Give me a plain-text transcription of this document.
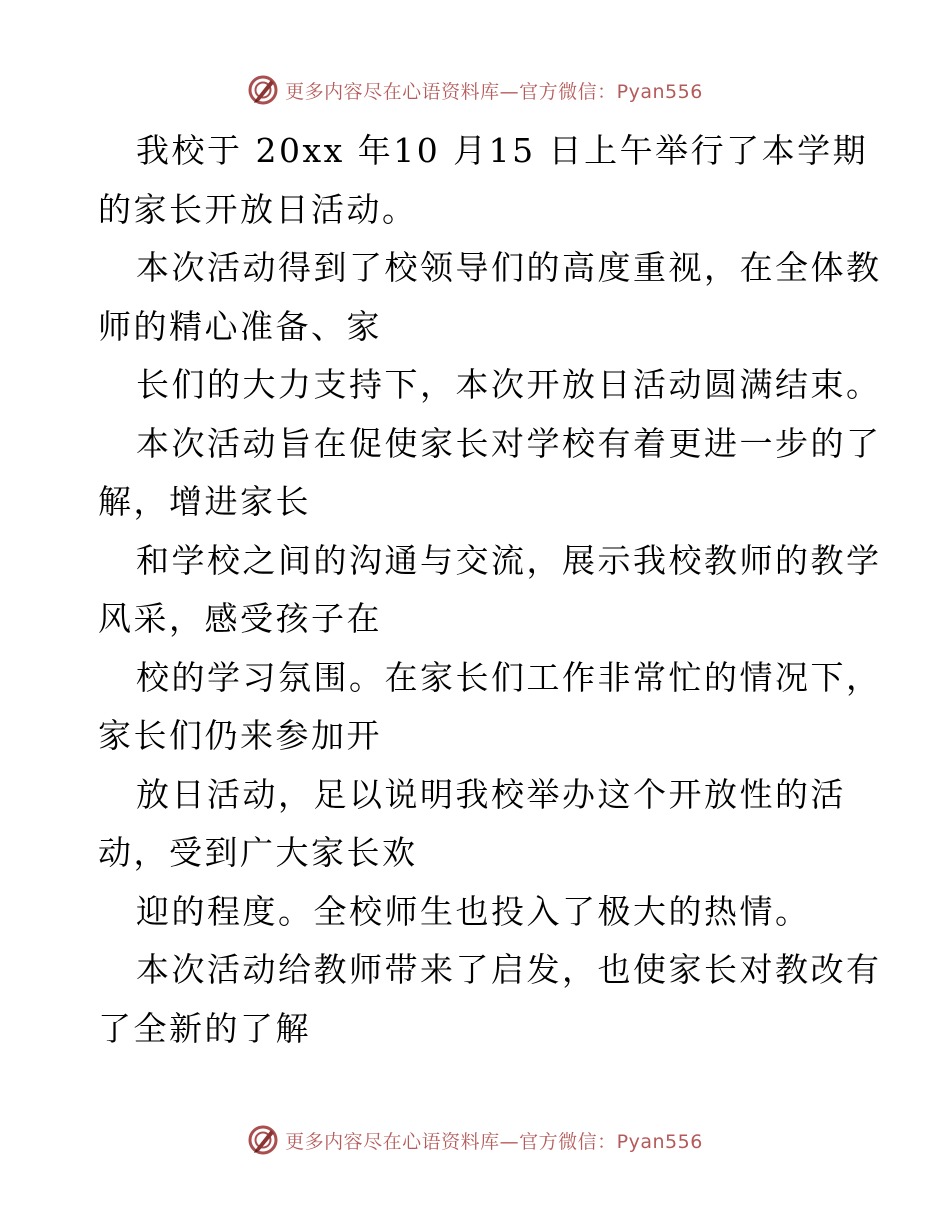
更多内容尽在心语资料库—官方微信：Pyan556
我校于 20xx 年10 月15 日上午举行了本学期
的家长开放日活动。
本次活动得到了校领导们的高度重视，在全体教
师的精心准备、家
长们的大力支持下，本次开放日活动圆满结束。
本次活动旨在促使家长对学校有着更进一步的了
解，增进家长
和学校之间的沟通与交流，展示我校教师的教学
风采，感受孩子在
校的学习氛围。在家长们工作非常忙的情况下，
家长们仍来参加开
放日活动，足以说明我校举办这个开放性的活
动，受到广大家长欢
迎的程度。全校师生也投入了极大的热情。
本次活动给教师带来了启发，也使家长对教改有
了全新的了解
更多内容尽在心语资料库—官方微信：Pyan556
